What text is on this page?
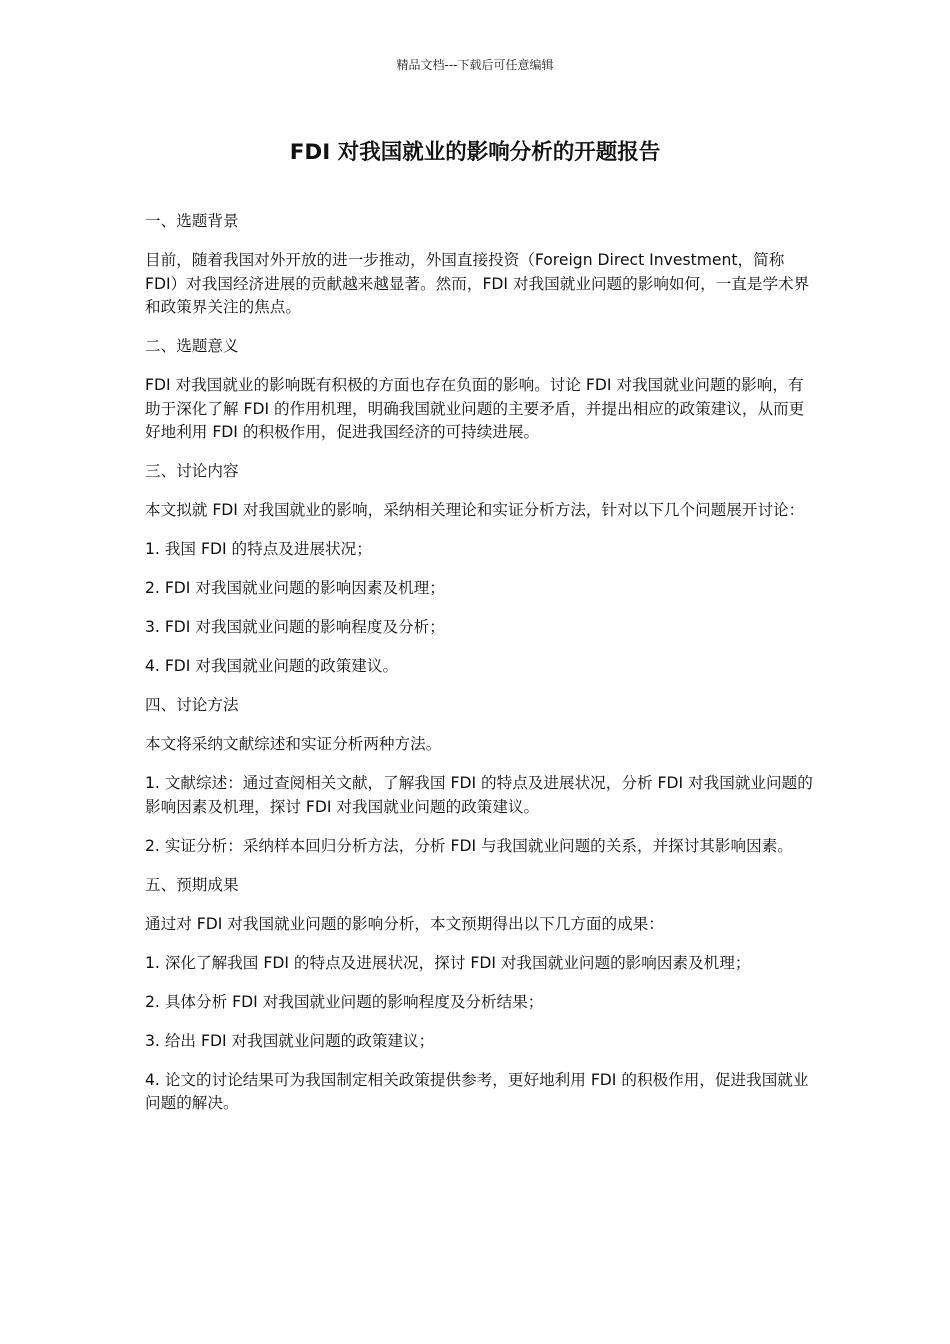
精品文档---下载后可任意编辑
FDI 对我国就业的影响分析的开题报告

一、选题背景

目前，随着我国对外开放的进一步推动，外国直接投资（Foreign Direct Investment，简称 FDI）对我国经济进展的贡献越来越显著。然而，FDI 对我国就业问题的影响如何，一直是学术界和政策界关注的焦点。

二、选题意义

FDI 对我国就业的影响既有积极的方面也存在负面的影响。讨论 FDI 对我国就业问题的影响，有助于深化了解 FDI 的作用机理，明确我国就业问题的主要矛盾，并提出相应的政策建议，从而更好地利用 FDI 的积极作用，促进我国经济的可持续进展。

三、讨论内容

本文拟就 FDI 对我国就业的影响，采纳相关理论和实证分析方法，针对以下几个问题展开讨论：

1. 我国 FDI 的特点及进展状况；

2. FDI 对我国就业问题的影响因素及机理；

3. FDI 对我国就业问题的影响程度及分析；

4. FDI 对我国就业问题的政策建议。

四、讨论方法

本文将采纳文献综述和实证分析两种方法。

1. 文献综述：通过查阅相关文献，了解我国 FDI 的特点及进展状况，分析 FDI 对我国就业问题的影响因素及机理，探讨 FDI 对我国就业问题的政策建议。

2. 实证分析：采纳样本回归分析方法，分析 FDI 与我国就业问题的关系，并探讨其影响因素。

五、预期成果

通过对 FDI 对我国就业问题的影响分析，本文预期得出以下几方面的成果：

1. 深化了解我国 FDI 的特点及进展状况，探讨 FDI 对我国就业问题的影响因素及机理；

2. 具体分析 FDI 对我国就业问题的影响程度及分析结果；

3. 给出 FDI 对我国就业问题的政策建议；

4. 论文的讨论结果可为我国制定相关政策提供参考，更好地利用 FDI 的积极作用，促进我国就业问题的解决。
